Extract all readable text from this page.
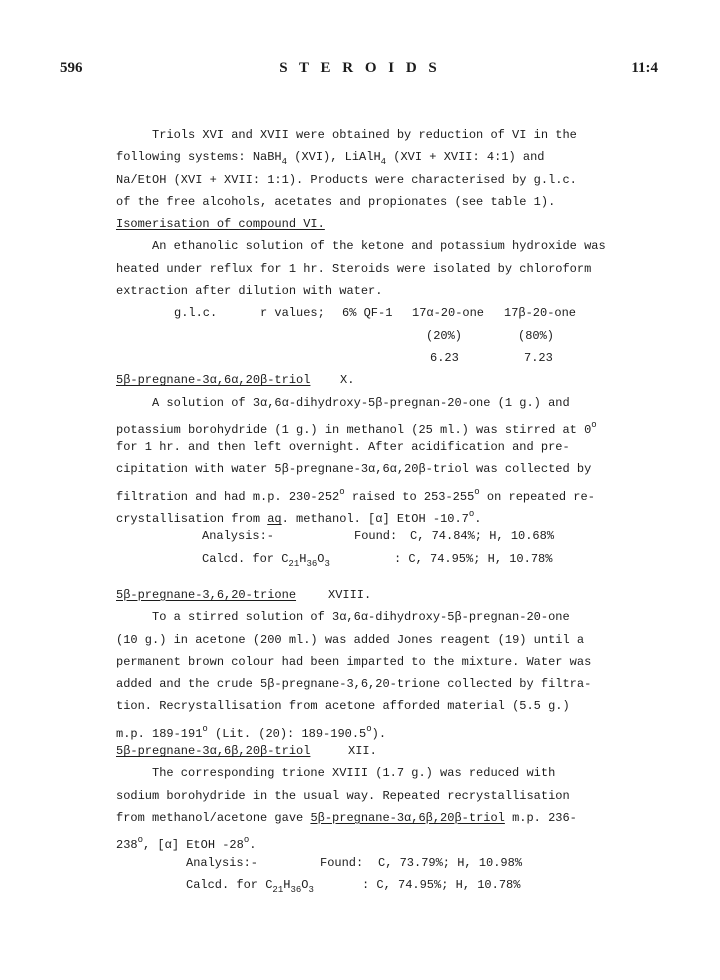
596	S T E R O I D S	11:4
Triols XVI and XVII were obtained by reduction of VI in the
following systems: NaBH$_4$ (XVI), LiAlH$_4$ (XVI + XVII: 4:1) and
Na/EtOH (XVI + XVII: 1:1). Products were characterised by g.l.c.
of the free alcohols, acetates and propionates (see table 1).
Isomerisation of compound VI.
An ethanolic solution of the ketone and potassium hydroxide was
heated under reflux for 1 hr. Steroids were isolated by chloroform
extraction after dilution with water.
g.l.c.	r values; 6% QF-1 17α-20-one 17β-20-one
(20%)	(80%)
6.23	7.23
5β-pregnane-3α,6α,20β-triol X.
A solution of 3α,6α-dihydroxy-5β-pregnan-20-one (1 g.) and
potassium borohydride (1 g.) in methanol (25 ml.) was stirred at 0$^o$
for 1 hr. and then left overnight. After acidification and pre-
cipitation with water 5β-pregnane-3α,6α,20β-triol was collected by
filtration and had m.p. 230-252$^o$ raised to 253-255$^o$ on repeated re-
crystallisation from aq. methanol. [α] EtOH -10.7$^o$.
Analysis:-	Found: C, 74.84%; H, 10.68%
Calcd. for $C_{21}H_{36}O_3$	: C, 74.95%; H, 10.78%
5β-pregnane-3,6,20-trione	XVIII.
To a stirred solution of 3α,6α-dihydroxy-5β-pregnan-20-one
(10 g.) in acetone (200 ml.) was added Jones reagent (19) until a
permanent brown colour had been imparted to the mixture. Water was
added and the crude 5β-pregnane-3,6,20-trione collected by filtra-
tion. Recrystallisation from acetone afforded material (5.5 g.)
m.p. 189-191$^o$ (Lit. (20): 189-190.5$^o$).
5β-pregnane-3α,6β,20β-triol	XII.
The corresponding trione XVIII (1.7 g.) was reduced with
sodium borohydride in the usual way. Repeated recrystallisation
from methanol/acetone gave 5β-pregnane-3α,6β,20β-triol m.p. 236-
238$^o$, [α] EtOH -28$^o$.
Analysis:-	Found: C, 73.79%; H, 10.98%
Calcd. for $C_{21}H_{36}O_3$	: C, 74.95%; H, 10.78%
